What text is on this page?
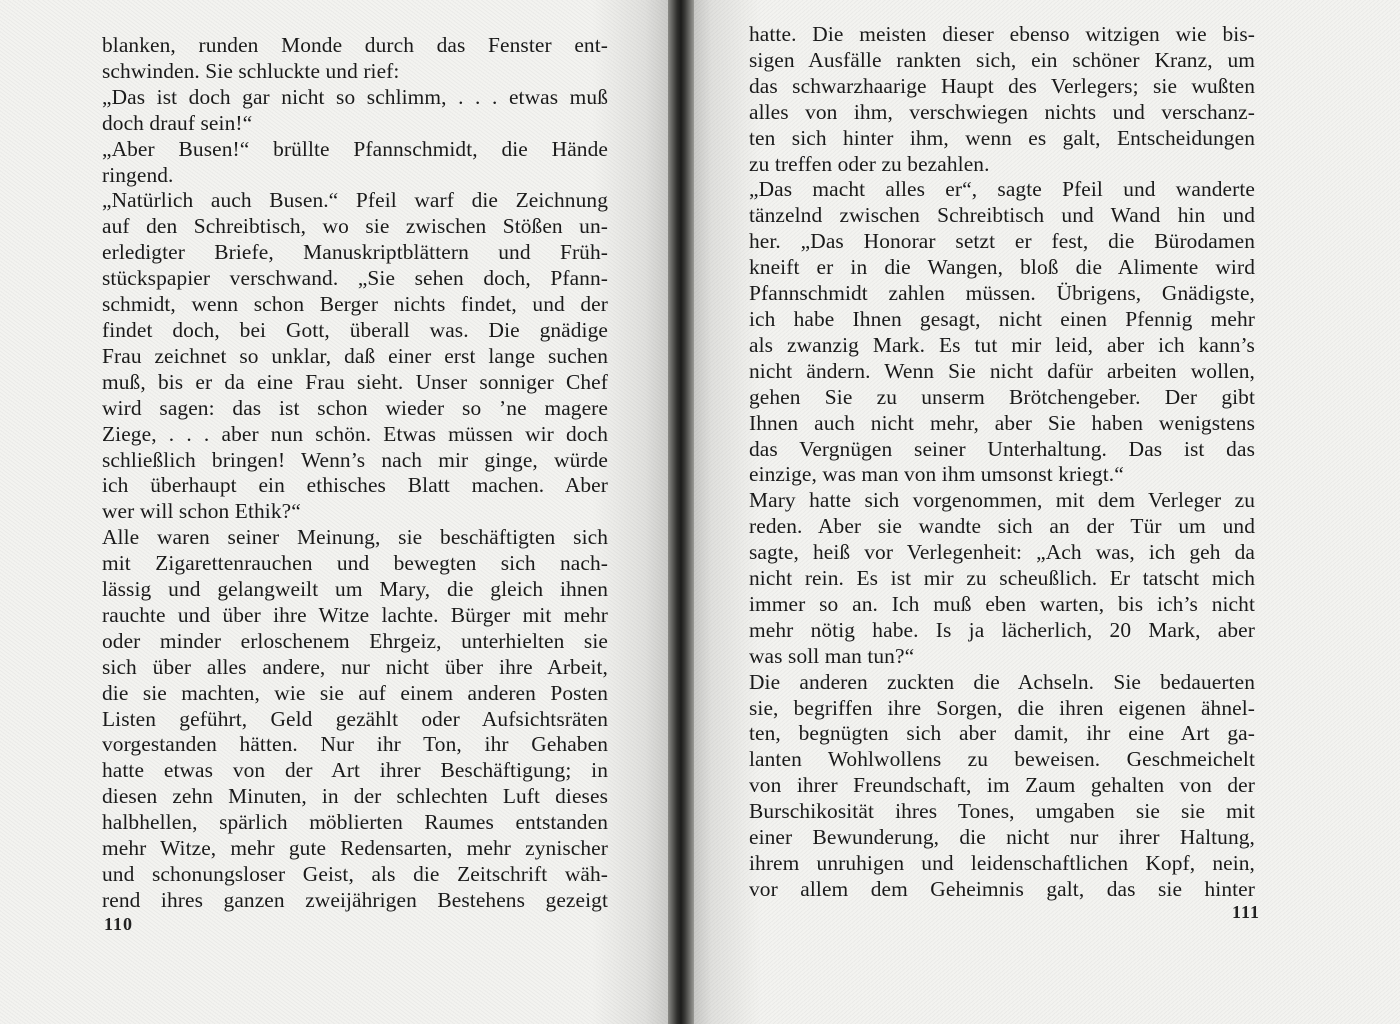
blanken, runden Monde durch das Fenster ent-
schwinden. Sie schluckte und rief:
„Das ist doch gar nicht so schlimm, . . . etwas muß
doch drauf sein!“
„Aber Busen!“ brüllte Pfannschmidt, die Hände
ringend.
„Natürlich auch Busen.“ Pfeil warf die Zeichnung
auf den Schreibtisch, wo sie zwischen Stößen un-
erledigter Briefe, Manuskriptblättern und Früh-
stückspapier verschwand. „Sie sehen doch, Pfann-
schmidt, wenn schon Berger nichts findet, und der
findet doch, bei Gott, überall was. Die gnädige
Frau zeichnet so unklar, daß einer erst lange suchen
muß, bis er da eine Frau sieht. Unser sonniger Chef
wird sagen: das ist schon wieder so ’ne magere
Ziege, . . . aber nun schön. Etwas müssen wir doch
schließlich bringen! Wenn’s nach mir ginge, würde
ich überhaupt ein ethisches Blatt machen. Aber
wer will schon Ethik?“
Alle waren seiner Meinung, sie beschäftigten sich
mit Zigarettenrauchen und bewegten sich nach-
lässig und gelangweilt um Mary, die gleich ihnen
rauchte und über ihre Witze lachte. Bürger mit mehr
oder minder erloschenem Ehrgeiz, unterhielten sie
sich über alles andere, nur nicht über ihre Arbeit,
die sie machten, wie sie auf einem anderen Posten
Listen geführt, Geld gezählt oder Aufsichtsräten
vorgestanden hätten. Nur ihr Ton, ihr Gehaben
hatte etwas von der Art ihrer Beschäftigung; in
diesen zehn Minuten, in der schlechten Luft dieses
halbhellen, spärlich möblierten Raumes entstanden
mehr Witze, mehr gute Redensarten, mehr zynischer
und schonungsloser Geist, als die Zeitschrift wäh-
rend ihres ganzen zweijährigen Bestehens gezeigt
hatte. Die meisten dieser ebenso witzigen wie bis-
sigen Ausfälle rankten sich, ein schöner Kranz, um
das schwarzhaarige Haupt des Verlegers; sie wußten
alles von ihm, verschwiegen nichts und verschanz-
ten sich hinter ihm, wenn es galt, Entscheidungen
zu treffen oder zu bezahlen.
„Das macht alles er“, sagte Pfeil und wanderte
tänzelnd zwischen Schreibtisch und Wand hin und
her. „Das Honorar setzt er fest, die Bürodamen
kneift er in die Wangen, bloß die Alimente wird
Pfannschmidt zahlen müssen. Übrigens, Gnädigste,
ich habe Ihnen gesagt, nicht einen Pfennig mehr
als zwanzig Mark. Es tut mir leid, aber ich kann’s
nicht ändern. Wenn Sie nicht dafür arbeiten wollen,
gehen Sie zu unserm Brötchengeber. Der gibt
Ihnen auch nicht mehr, aber Sie haben wenigstens
das Vergnügen seiner Unterhaltung. Das ist das
einzige, was man von ihm umsonst kriegt.“
Mary hatte sich vorgenommen, mit dem Verleger zu
reden. Aber sie wandte sich an der Tür um und
sagte, heiß vor Verlegenheit: „Ach was, ich geh da
nicht rein. Es ist mir zu scheußlich. Er tatscht mich
immer so an. Ich muß eben warten, bis ich’s nicht
mehr nötig habe. Is ja lächerlich, 20 Mark, aber
was soll man tun?“
Die anderen zuckten die Achseln. Sie bedauerten
sie, begriffen ihre Sorgen, die ihren eigenen ähnel-
ten, begnügten sich aber damit, ihr eine Art ga-
lanten Wohlwollens zu beweisen. Geschmeichelt
von ihrer Freundschaft, im Zaum gehalten von der
Burschikosität ihres Tones, umgaben sie sie mit
einer Bewunderung, die nicht nur ihrer Haltung,
ihrem unruhigen und leidenschaftlichen Kopf, nein,
vor allem dem Geheimnis galt, das sie hinter
110
111
